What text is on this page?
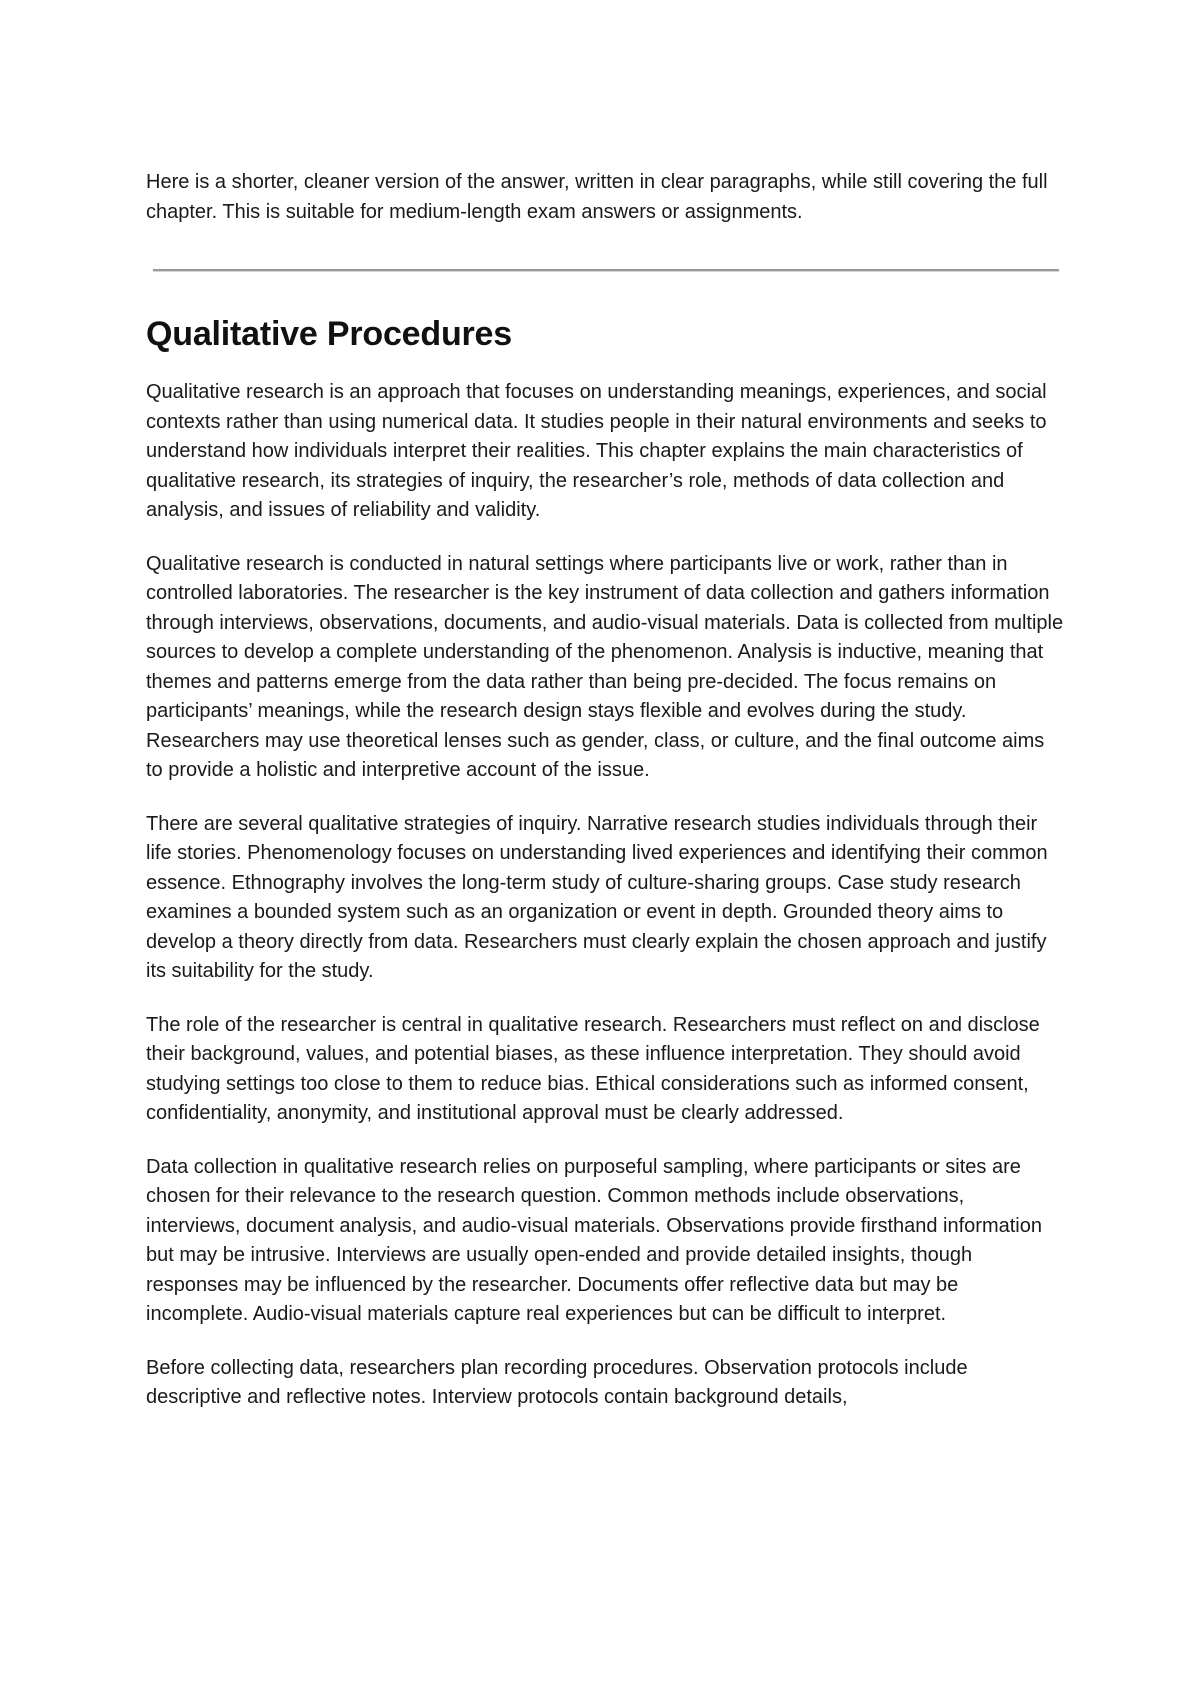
Here is a shorter, cleaner version of the answer, written in clear paragraphs, while still covering the full chapter. This is suitable for medium-length exam answers or assignments.

Qualitative Procedures

Qualitative research is an approach that focuses on understanding meanings, experiences, and social contexts rather than using numerical data. It studies people in their natural environments and seeks to understand how individuals interpret their realities. This chapter explains the main characteristics of qualitative research, its strategies of inquiry, the researcher’s role, methods of data collection and analysis, and issues of reliability and validity.

Qualitative research is conducted in natural settings where participants live or work, rather than in controlled laboratories. The researcher is the key instrument of data collection and gathers information through interviews, observations, documents, and audio-visual materials. Data is collected from multiple sources to develop a complete understanding of the phenomenon. Analysis is inductive, meaning that themes and patterns emerge from the data rather than being pre-decided. The focus remains on participants’ meanings, while the research design stays flexible and evolves during the study. Researchers may use theoretical lenses such as gender, class, or culture, and the final outcome aims to provide a holistic and interpretive account of the issue.

There are several qualitative strategies of inquiry. Narrative research studies individuals through their life stories. Phenomenology focuses on understanding lived experiences and identifying their common essence. Ethnography involves the long-term study of culture-sharing groups. Case study research examines a bounded system such as an organization or event in depth. Grounded theory aims to develop a theory directly from data. Researchers must clearly explain the chosen approach and justify its suitability for the study.

The role of the researcher is central in qualitative research. Researchers must reflect on and disclose their background, values, and potential biases, as these influence interpretation. They should avoid studying settings too close to them to reduce bias. Ethical considerations such as informed consent, confidentiality, anonymity, and institutional approval must be clearly addressed.

Data collection in qualitative research relies on purposeful sampling, where participants or sites are chosen for their relevance to the research question. Common methods include observations, interviews, document analysis, and audio-visual materials. Observations provide firsthand information but may be intrusive. Interviews are usually open-ended and provide detailed insights, though responses may be influenced by the researcher. Documents offer reflective data but may be incomplete. Audio-visual materials capture real experiences but can be difficult to interpret.

Before collecting data, researchers plan recording procedures. Observation protocols include descriptive and reflective notes. Interview protocols contain background details,
